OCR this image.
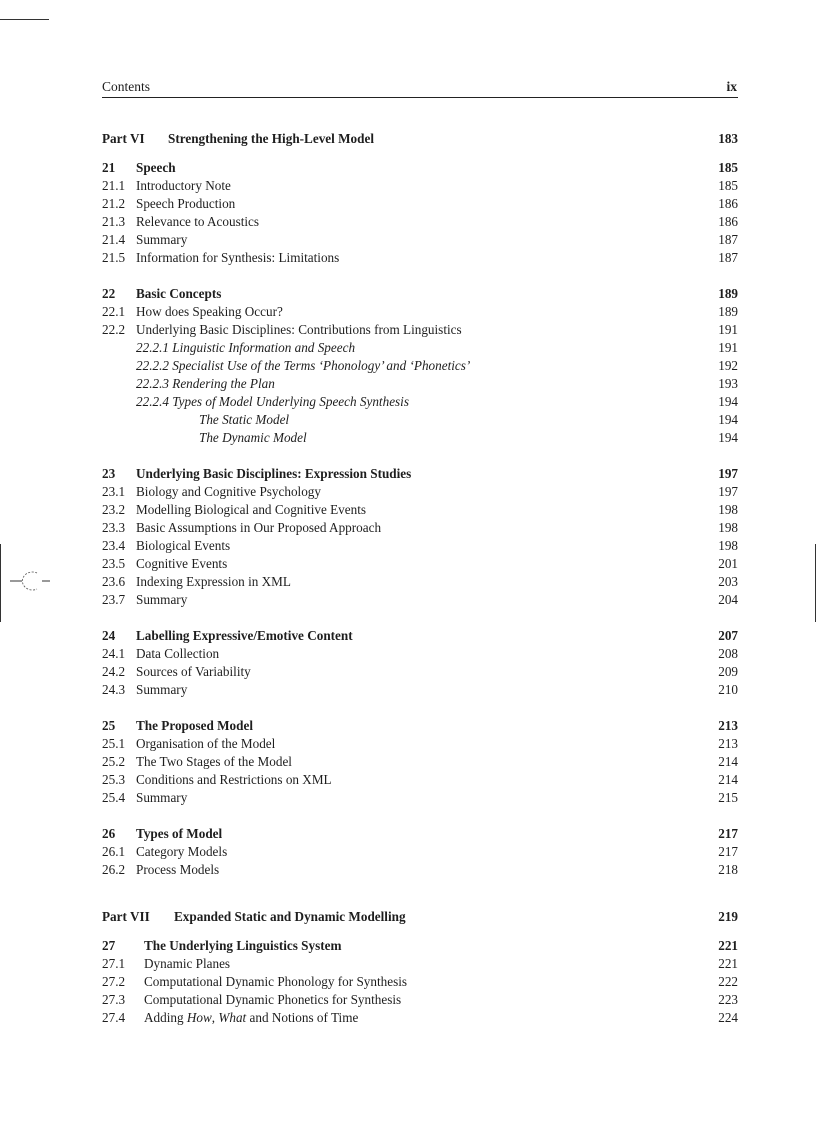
Contents	ix
Part VI Strengthening the High-Level Model	183
21 Speech	185
21.1 Introductory Note	185
21.2 Speech Production	186
21.3 Relevance to Acoustics	186
21.4 Summary	187
21.5 Information for Synthesis: Limitations	187
22 Basic Concepts	189
22.1 How does Speaking Occur?	189
22.2 Underlying Basic Disciplines: Contributions from Linguistics	191
22.2.1 Linguistic Information and Speech	191
22.2.2 Specialist Use of the Terms ‘Phonology’ and ‘Phonetics’	192
22.2.3 Rendering the Plan	193
22.2.4 Types of Model Underlying Speech Synthesis	194
The Static Model	194
The Dynamic Model	194
23 Underlying Basic Disciplines: Expression Studies	197
23.1 Biology and Cognitive Psychology	197
23.2 Modelling Biological and Cognitive Events	198
23.3 Basic Assumptions in Our Proposed Approach	198
23.4 Biological Events	198
23.5 Cognitive Events	201
23.6 Indexing Expression in XML	203
23.7 Summary	204
24 Labelling Expressive/Emotive Content	207
24.1 Data Collection	208
24.2 Sources of Variability	209
24.3 Summary	210
25 The Proposed Model	213
25.1 Organisation of the Model	213
25.2 The Two Stages of the Model	214
25.3 Conditions and Restrictions on XML	214
25.4 Summary	215
26 Types of Model	217
26.1 Category Models	217
26.2 Process Models	218
Part VII Expanded Static and Dynamic Modelling	219
27 The Underlying Linguistics System	221
27.1 Dynamic Planes	221
27.2 Computational Dynamic Phonology for Synthesis	222
27.3 Computational Dynamic Phonetics for Synthesis	223
27.4 Adding How, What and Notions of Time	224
